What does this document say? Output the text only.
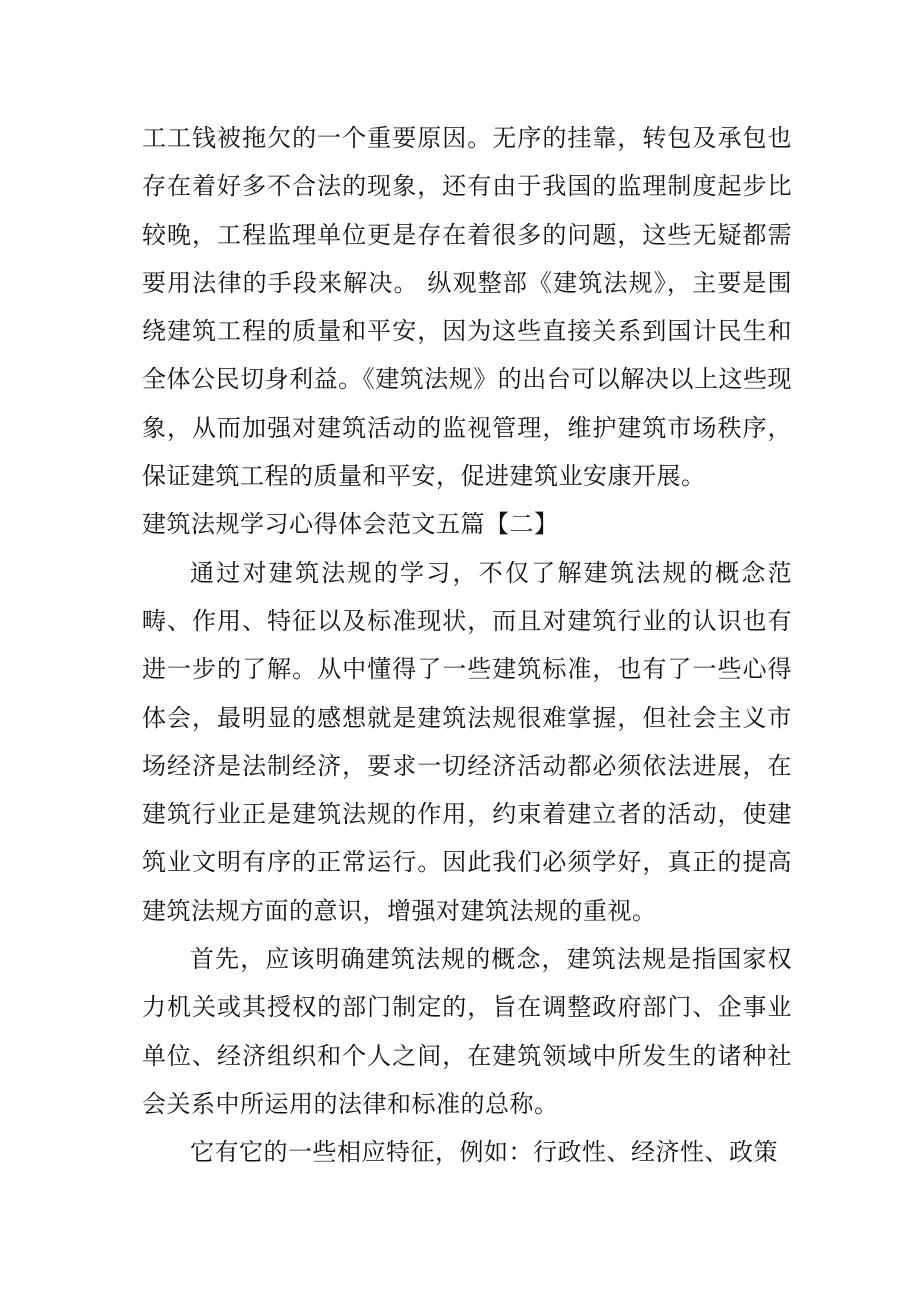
工工钱被拖欠的一个重要原因。无序的挂靠，转包及承包也存在着好多不合法的现象，还有由于我国的监理制度起步比较晚，工程监理单位更是存在着很多的问题，这些无疑都需要用法律的手段来解决。 纵观整部《建筑法规》，主要是围绕建筑工程的质量和平安，因为这些直接关系到国计民生和全体公民切身利益。《建筑法规》的出台可以解决以上这些现象，从而加强对建筑活动的监视管理，维护建筑市场秩序，保证建筑工程的质量和平安，促进建筑业安康开展。

建筑法规学习心得体会范文五篇【二】

通过对建筑法规的学习，不仅了解建筑法规的概念范畴、作用、特征以及标准现状，而且对建筑行业的认识也有进一步的了解。从中懂得了一些建筑标准，也有了一些心得体会，最明显的感想就是建筑法规很难掌握，但社会主义市场经济是法制经济，要求一切经济活动都必须依法进展，在建筑行业正是建筑法规的作用，约束着建立者的活动，使建筑业文明有序的正常运行。因此我们必须学好，真正的提高建筑法规方面的意识，增强对建筑法规的重视。

首先，应该明确建筑法规的概念，建筑法规是指国家权力机关或其授权的部门制定的，旨在调整政府部门、企事业单位、经济组织和个人之间，在建筑领域中所发生的诸种社会关系中所运用的法律和标准的总称。

它有它的一些相应特征，例如：行政性、经济性、政策
